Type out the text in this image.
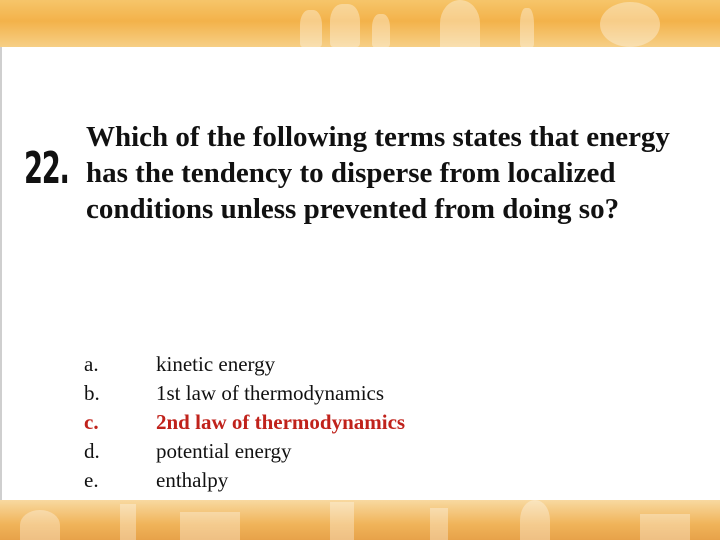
22.
Which of the following terms states that energy has the tendency to disperse from localized conditions unless prevented from doing so?
a.	kinetic energy
b.	1st law of thermodynamics
c.	2nd law of thermodynamics
d.	potential energy
e.	enthalpy
